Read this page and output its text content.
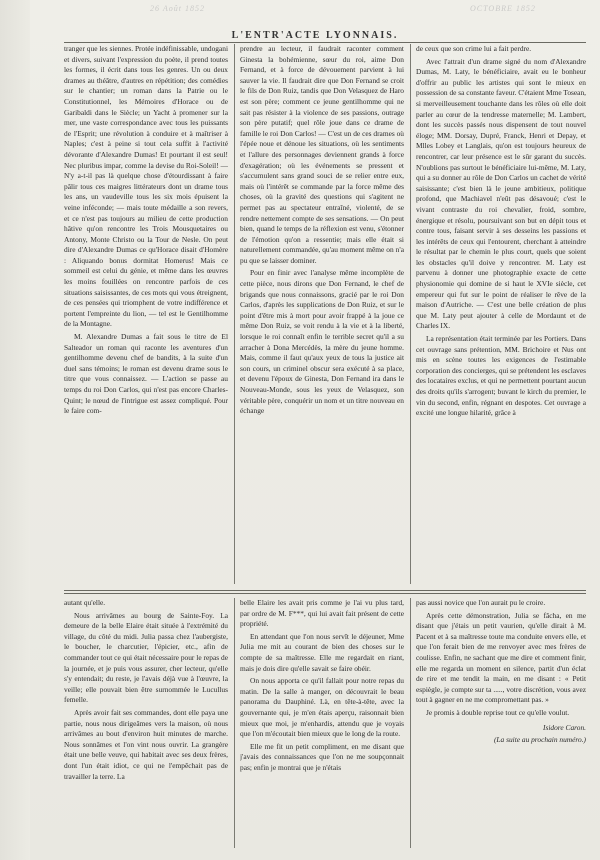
26 Août 1852	OCTOBRE 1852
L'ENTR'ACTE LYONNAIS.

tranger que les siennes. Protée indéfinissable, undogani et divers, suivant l'expression du poète, il prend toutes les formes, il écrit dans tous les genres. Un ou deux drames au théâtre, d'autres en répétition; des comédies sur le chantier; un roman dans la Patrie ou le Constitutionnel, les Mémoires d'Horace ou de Garibaldi dans le Siècle; un Yacht à promener sur la mer, une vaste correspondance avec tous les puissants de l'Esprit; une révolution à conduire et à maîtriser à Naples; c'est à peine si tout cela suffit à l'activité dévorante d'Alexandre Dumas! Et pourtant il est seul! Nec pluribus impar, comme la devise du Roi-Soleil! — N'y a-t-il pas là quelque chose d'étourdissant à faire pâlir tous ces maigres littérateurs dont un drame tous les ans, un vaudeville tous les six mois épuisent la veine inféconde; — mais toute médaille a son revers, et ce n'est pas toujours au milieu de cette production hâtive qu'on rencontre les Trois Mousquetaires ou Antony, Monte Christo ou la Tour de Nesle. On peut dire d'Alexandre Dumas ce qu'Horace disait d'Homère : Aliquando bonus dormitat Homerus! Mais ce sommeil est celui du génie, et même dans les œuvres les moins fouillées on rencontre parfois de ces situations saisissantes, de ces mots qui vous étreignent, de ces pensées qui triomphent de votre indifférence et portent l'empreinte du lion, — tel est le Gentilhomme de la Montagne.

M. Alexandre Dumas a fait sous le titre de El Salteador un roman qui raconte les aventures d'un gentilhomme devenu chef de bandits, à la suite d'un duel sans témoins; le roman est devenu drame sous le titre que vous connaissez. — L'action se passe au temps du roi Don Carlos, qui n'est pas encore Charles-Quint; le nœud de l'intrigue est assez compliqué. Pour le faire com-

prendre au lecteur, il faudrait raconter comment Ginesta la bohémienne, sœur du roi, aime Don Fernand, et à force de dévouement parvient à lui sauver la vie. Il faudrait dire que Don Fernand se croit le fils de Don Ruiz, tandis que Don Velasquez de Haro est son père; comment ce jeune gentilhomme qui ne sait pas résister à la violence de ses passions, outrage son père putatif; quel rôle joue dans ce drame de famille le roi Don Carlos! — C'est un de ces drames où l'épée noue et dénoue les situations, où les sentiments et l'allure des personnages deviennent grands à force d'exagération; où les événements se pressent et s'accumulent sans grand souci de se relier entre eux, mais où l'intérêt se commande par la force même des choses, où la gravité des questions qui s'agitent ne permet pas au spectateur entraîné, violenté, de se rendre nettement compte de ses sensations. — On peut bien, quand le temps de la réflexion est venu, s'étonner de l'émotion qu'on a ressentie; mais elle était si naturellement commandée, qu'au moment même on n'a pu que se laisser dominer.

Pour en finir avec l'analyse même incomplète de cette pièce, nous dirons que Don Fernand, le chef de brigands que nous connaissons, gracié par le roi Don Carlos, d'après les supplications de Don Ruiz, et sur le point d'être mis à mort pour avoir frappé à la joue ce même Don Ruiz, se voit rendu à la vie et à la liberté, lorsque le roi connaît enfin le terrible secret qu'il a su arracher à Dona Mercédès, la mère du jeune homme. Mais, comme il faut qu'aux yeux de tous la justice ait son cours, un criminel obscur sera exécuté à sa place, et devenu l'époux de Ginesta, Don Fernand ira dans le Nouveau-Monde, sous les yeux de Velasquez, son véritable père, conquérir un nom et un titre nouveau en échange

de ceux que son crime lui a fait perdre.

Avec l'attrait d'un drame signé du nom d'Alexandre Dumas, M. Laty, le bénéficiaire, avait eu le bonheur d'offrir au public les artistes qui sont le mieux en possession de sa constante faveur. C'étaient Mme Tosean, si merveilleusement touchante dans les rôles où elle doit parler au cœur de la tendresse maternelle; M. Lambert, dont les succès passés nous dispensent de tout nouvel éloge; MM. Dorsay, Dupré, Franck, Henri et Depay, et Mlles Lobey et Langlais, qu'on est toujours heureux de rencontrer, car leur présence est le sûr garant du succès. N'oublions pas surtout le bénéficiaire lui-même, M. Laty, qui a su donner au rôle de Don Carlos un cachet de vérité saisissante; c'est bien là le jeune ambitieux, politique profond, que Machiavel n'eût pas désavoué; c'est le vivant contraste du roi chevalier, froid, sombre, énergique et résolu, poursuivant son but en dépit tous et contre tous, faisant servir à ses desseins les passions et les intérêts de ceux qui l'entourent, cherchant à atteindre le résultat par le chemin le plus court, quels que soient les obstacles qu'il doive y rencontrer. M. Laty est parvenu à donner une photographie exacte de cette physionomie qui domine de si haut le XVIe siècle, cet empereur qui fut sur le point de réaliser le rêve de la maison d'Autriche. — C'est une belle création de plus que M. Laty peut ajouter à celle de Mordaunt et de Charles IX.

La représentation était terminée par les Portiers. Dans cet ouvrage sans prétention, MM. Brichoire et Nus ont mis en scène toutes les exigences de l'estimable corporation des concierges, qui se prétendent les esclaves des locataires exclus, et qui ne permettent pourtant aucun des droits qu'ils s'arrogent; buvant le kirch du premier, le vin du second, enfin, régnant en despotes. Cet ouvrage a excité une longue hilarité, grâce à

autant qu'elle.

Nous arrivâmes au bourg de Sainte-Foy. La demeure de la belle Elaire était située à l'extrémité du village, du côté du midi. Julia passa chez l'aubergiste, le boucher, le charcutier, l'épicier, etc., afin de commander tout ce qui était nécessaire pour le repas de la journée, et je puis vous assurer, cher lecteur, qu'elle s'y entendait; du reste, je l'avais déjà vue à l'œuvre, la veille; elle pouvait bien être surnommée le Lucullus femelle.

Après avoir fait ses commandes, dont elle paya une partie, nous nous dirigeâmes vers la maison, où nous arrivâmes au bout d'environ huit minutes de marche. Nous sonnâmes et l'on vint nous ouvrir. La grangère était une belle veuve, qui habitait avec ses deux frères, dont l'un était idiot, ce qui ne l'empêchait pas de travailler la terre. La

belle Elaire les avait pris comme je l'ai vu plus tard, par ordre de M. F***, qui lui avait fait présent de cette propriété.

En attendant que l'on nous servît le déjeuner, Mme Julia me mit au courant de bien des choses sur le compte de sa maîtresse. Elle me regardait en riant, mais je dois dire qu'elle savait se faire obéir.

On nous apporta ce qu'il fallait pour notre repas du matin. De la salle à manger, on découvrait le beau panorama du Dauphiné. Là, en tête-à-tête, avec la gouvernante qui, je m'en étais aperçu, raisonnait bien mieux que moi, je m'enhardis, attendu que je voyais que l'on m'écoutait bien mieux que le long de la route.

Elle me fit un petit compliment, en me disant que j'avais des connaissances que l'on ne me soupçonnait pas; enfin je montrai que je n'étais

pas aussi novice que l'on aurait pu le croire.

Après cette démonstration, Julia se fâcha, en me disant que j'étais un petit vaurien, qu'elle dirait à M. Pacent et à sa maîtresse toute ma conduite envers elle, et que l'on ferait bien de me renvoyer avec mes frères de coulisse. Enfin, ne sachant que me dire et comment finir, elle me regarda un moment en silence, partit d'un éclat de rire et me tendit la main, en me disant : « Petit espiègle, je compte sur ta ....., votre discrétion, vous avez tout à gagner en ne me compromettant pas. »

Je promis à double reprise tout ce qu'elle voulut.

Isidore Caron.

(La suite au prochain numéro.)
